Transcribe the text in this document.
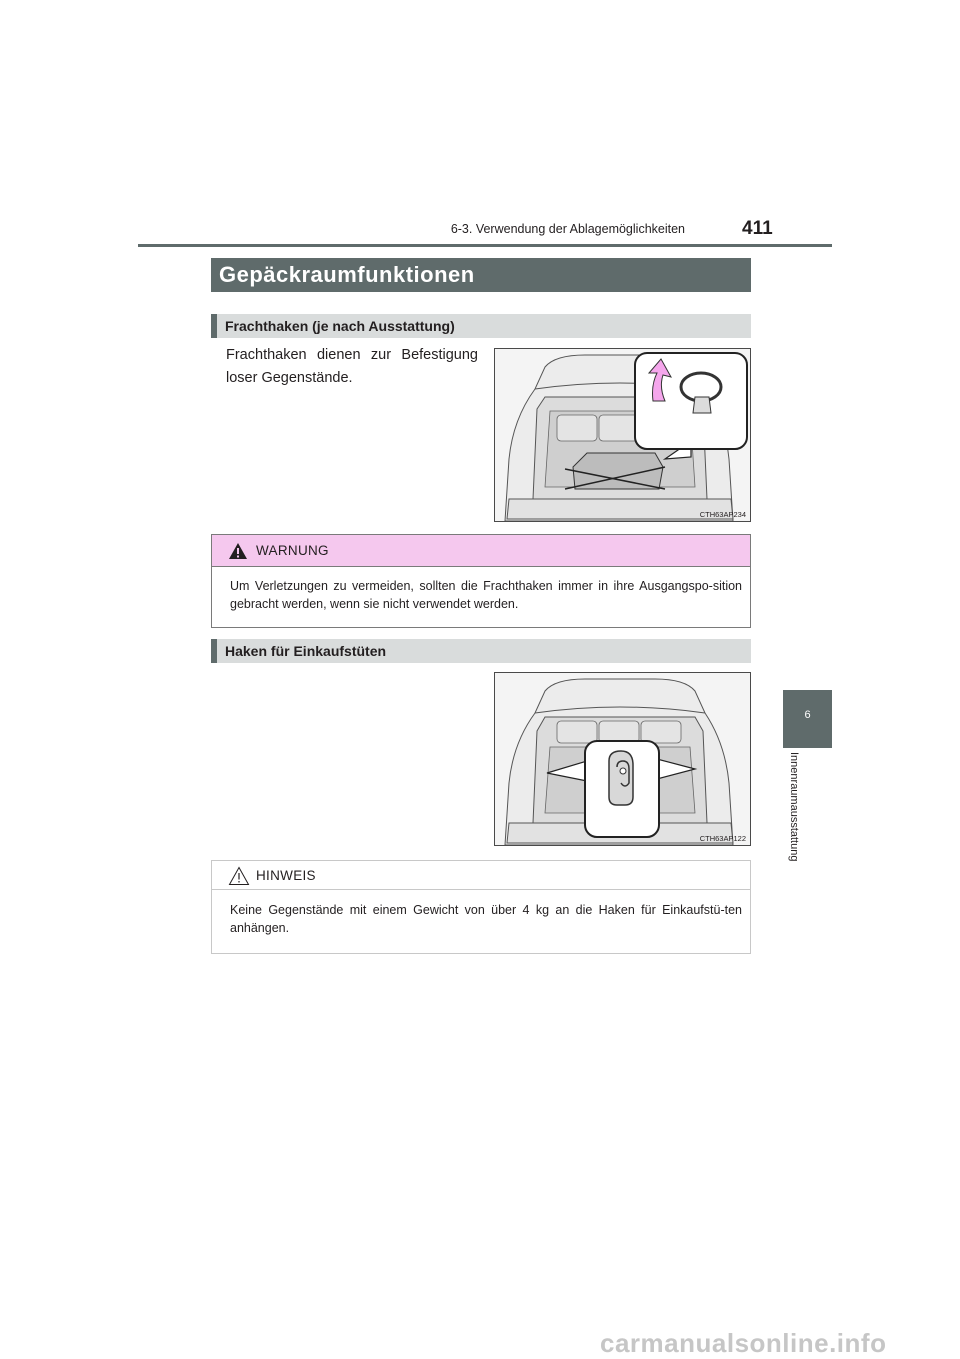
6-3. Verwendung der Ablagemöglichkeiten	411
6
Innenraumausstattung
Gepäckraumfunktionen
Frachthaken (je nach Ausstattung)
Frachthaken dienen zur Befestigung loser Gegenstände.
CTH63AP234
WARNUNG
Um Verletzungen zu vermeiden, sollten die Frachthaken immer in ihre Ausgangspo-sition gebracht werden, wenn sie nicht verwendet werden.
Haken für Einkaufstüten
CTH63AP122
HINWEIS
Keine Gegenstände mit einem Gewicht von über 4 kg an die Haken für Einkaufstü-ten anhängen.
carmanualsonline.info
